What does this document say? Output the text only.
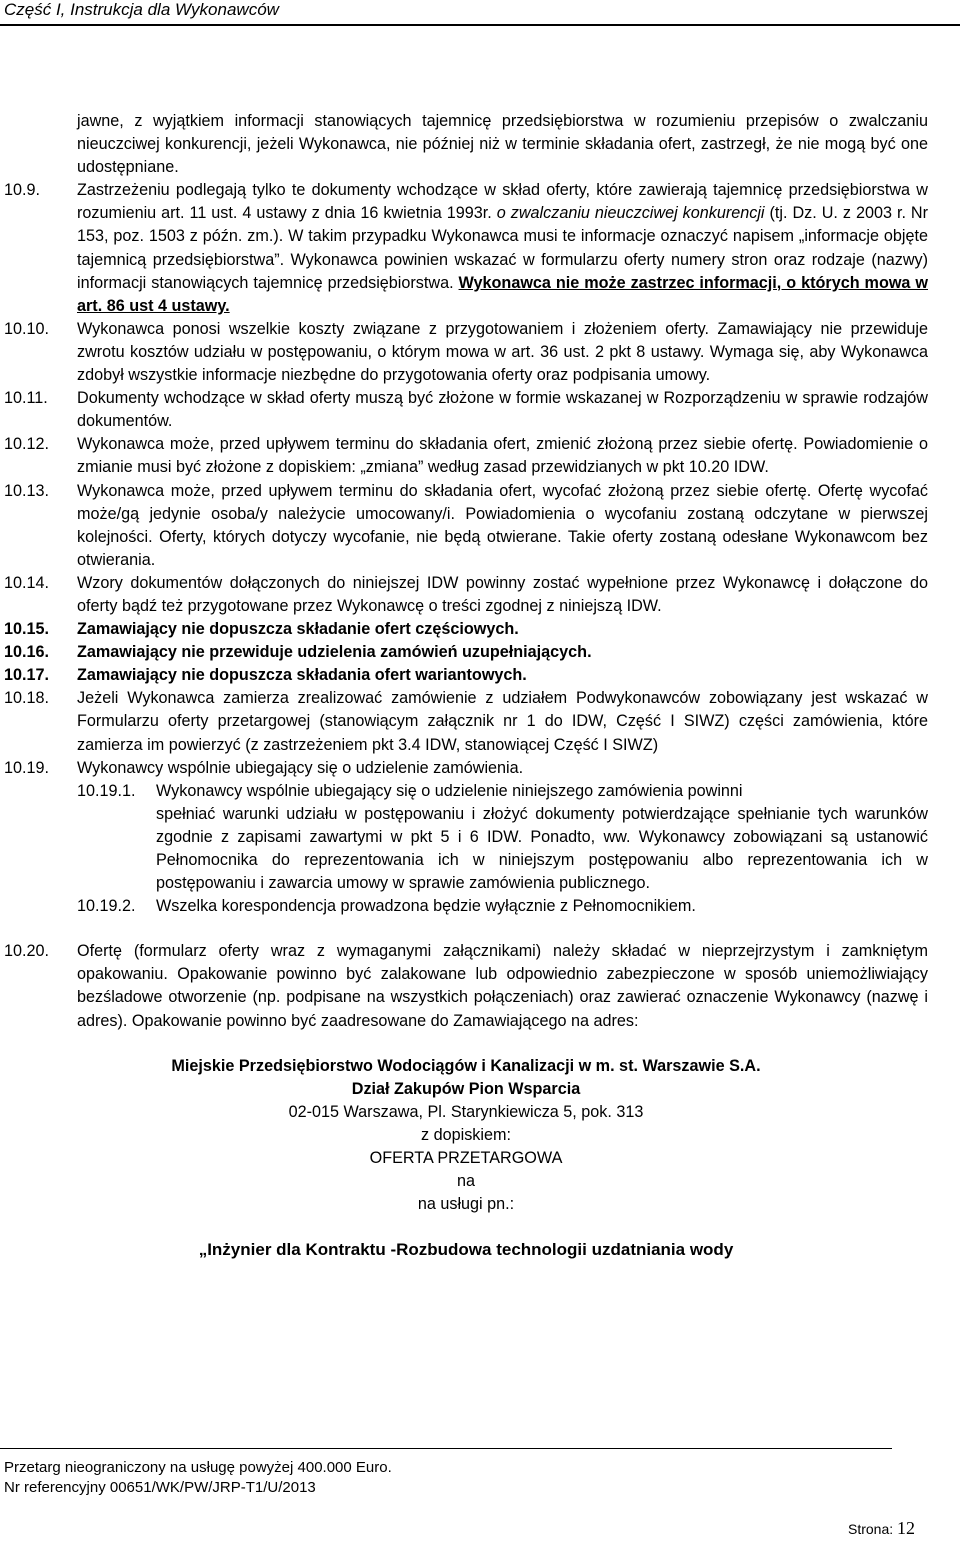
Część I, Instrukcja dla Wykonawców
jawne, z wyjątkiem informacji stanowiących tajemnicę przedsiębiorstwa w rozumieniu przepisów o zwalczaniu nieuczciwej konkurencji, jeżeli Wykonawca, nie później niż w terminie składania ofert, zastrzegł, że nie mogą być one udostępniane.
10.9.	Zastrzeżeniu podlegają tylko te dokumenty wchodzące w skład oferty, które zawierają tajemnicę przedsiębiorstwa w rozumieniu art. 11 ust. 4 ustawy z dnia 16 kwietnia 1993r. o zwalczaniu nieuczciwej konkurencji (tj. Dz. U. z 2003 r. Nr 153, poz. 1503 z późn. zm.). W takim przypadku Wykonawca musi te informacje oznaczyć napisem „informacje objęte tajemnicą przedsiębiorstwa”. Wykonawca powinien wskazać w formularzu oferty numery stron oraz rodzaje (nazwy) informacji stanowiących tajemnicę przedsiębiorstwa. Wykonawca nie może zastrzec informacji, o których mowa w art. 86 ust 4 ustawy.
10.10.	Wykonawca ponosi wszelkie koszty związane z przygotowaniem i złożeniem oferty. Zamawiający nie przewiduje zwrotu kosztów udziału w postępowaniu, o którym mowa w art. 36 ust. 2 pkt 8 ustawy. Wymaga się, aby Wykonawca zdobył wszystkie informacje niezbędne do przygotowania oferty oraz podpisania umowy.
10.11.	Dokumenty wchodzące w skład oferty muszą być złożone w formie wskazanej w Rozporządzeniu w sprawie rodzajów dokumentów.
10.12.	Wykonawca może, przed upływem terminu do składania ofert, zmienić złożoną przez siebie ofertę. Powiadomienie o zmianie musi być złożone z dopiskiem: „zmiana” według zasad przewidzianych w pkt 10.20 IDW.
10.13.	Wykonawca może, przed upływem terminu do składania ofert, wycofać złożoną przez siebie ofertę. Ofertę wycofać może/gą jedynie osoba/y należycie umocowany/i. Powiadomienia o wycofaniu zostaną odczytane w pierwszej kolejności. Oferty, których dotyczy wycofanie, nie będą otwierane. Takie oferty zostaną odesłane Wykonawcom bez otwierania.
10.14.	Wzory dokumentów dołączonych do niniejszej IDW powinny zostać wypełnione przez Wykonawcę i dołączone do oferty bądź też przygotowane przez Wykonawcę o treści zgodnej z niniejszą IDW.
10.15.	Zamawiający nie dopuszcza składanie ofert częściowych.
10.16.	Zamawiający nie przewiduje udzielenia zamówień uzupełniających.
10.17.	Zamawiający nie dopuszcza składania ofert wariantowych.
10.18.	Jeżeli Wykonawca zamierza zrealizować zamówienie z udziałem Podwykonawców zobowiązany jest wskazać w Formularzu oferty przetargowej (stanowiącym załącznik nr 1 do IDW, Część I SIWZ) części zamówienia, które zamierza im powierzyć (z zastrzeżeniem pkt 3.4 IDW, stanowiącej Część I SIWZ)
10.19.	Wykonawcy wspólnie ubiegający się o udzielenie zamówienia.
10.19.1.	Wykonawcy wspólnie ubiegający się o udzielenie niniejszego zamówienia powinni
spełniać warunki udziału w postępowaniu i złożyć dokumenty potwierdzające spełnianie tych warunków zgodnie z zapisami zawartymi w pkt 5 i 6 IDW. Ponadto, ww. Wykonawcy zobowiązani są ustanowić Pełnomocnika do reprezentowania ich w niniejszym postępowaniu albo reprezentowania ich w postępowaniu i zawarcia umowy w sprawie zamówienia publicznego.
10.19.2.	Wszelka korespondencja prowadzona będzie wyłącznie z Pełnomocnikiem.
10.20.	Ofertę (formularz oferty wraz z wymaganymi załącznikami) należy składać w nieprzejrzystym i zamkniętym opakowaniu. Opakowanie powinno być zalakowane lub odpowiednio zabezpieczone w sposób uniemożliwiający bezśladowe otworzenie (np. podpisane na wszystkich połączeniach) oraz zawierać oznaczenie Wykonawcy (nazwę i adres). Opakowanie powinno być zaadresowane do Zamawiającego na adres:
Miejskie Przedsiębiorstwo Wodociągów i Kanalizacji w m. st. Warszawie S.A.
Dział Zakupów Pion Wsparcia
02-015 Warszawa, Pl. Starynkiewicza 5, pok. 313
z dopiskiem:
OFERTA PRZETARGOWA
na
na usługi pn.:
„Inżynier dla Kontraktu -Rozbudowa technologii uzdatniania wody
Przetarg nieograniczony na usługę powyżej 400.000 Euro.
Nr referencyjny 00651/WK/PW/JRP-T1/U/2013
Strona: 12
